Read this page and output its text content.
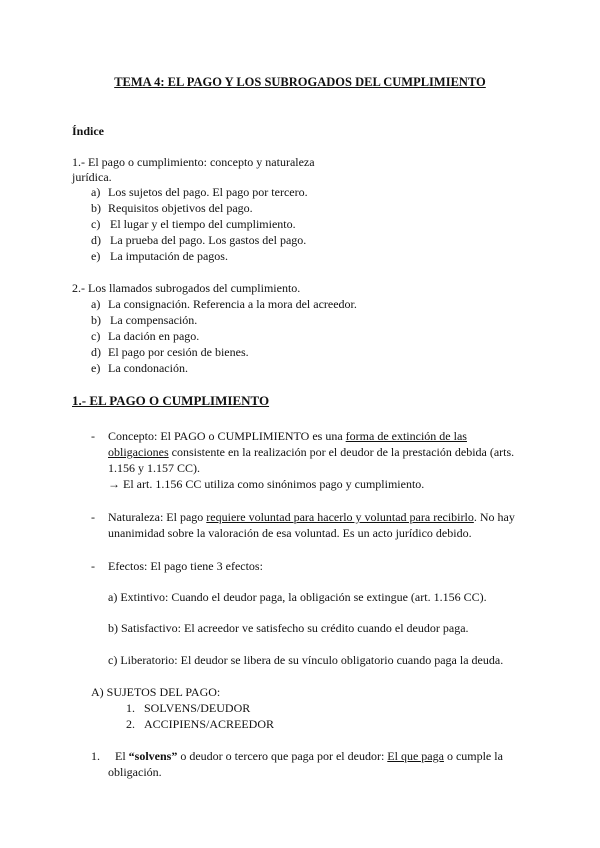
TEMA 4: EL PAGO Y LOS SUBROGADOS DEL CUMPLIMIENTO
Índice
1.- El pago o cumplimiento: concepto y naturaleza
jurídica.
a) Los sujetos del pago. El pago por tercero.
b) Requisitos objetivos del pago.
c) El lugar y el tiempo del cumplimiento.
d) La prueba del pago. Los gastos del pago.
e) La imputación de pagos.
2.- Los llamados subrogados del cumplimiento.
a) La consignación. Referencia a la mora del acreedor.
b) La compensación.
c) La dación en pago.
d) El pago por cesión de bienes.
e) La condonación.
1.- EL PAGO O CUMPLIMIENTO
- Concepto: El PAGO o CUMPLIMIENTO es una forma de extinción de las
obligaciones consistente en la realización por el deudor de la prestación debida (arts.
1.156 y 1.157 CC).
→ El art. 1.156 CC utiliza como sinónimos pago y cumplimiento.
- Naturaleza: El pago requiere voluntad para hacerlo y voluntad para recibirlo. No hay
unanimidad sobre la valoración de esa voluntad. Es un acto jurídico debido.
- Efectos: El pago tiene 3 efectos:
a) Extintivo: Cuando el deudor paga, la obligación se extingue (art. 1.156 CC).
b) Satisfactivo: El acreedor ve satisfecho su crédito cuando el deudor paga.
c) Liberatorio: El deudor se libera de su vínculo obligatorio cuando paga la deuda.
A) SUJETOS DEL PAGO:
1. SOLVENS/DEUDOR
2. ACCIPIENS/ACREEDOR
1. El “solvens” o deudor o tercero que paga por el deudor: El que paga o cumple la
obligación.
